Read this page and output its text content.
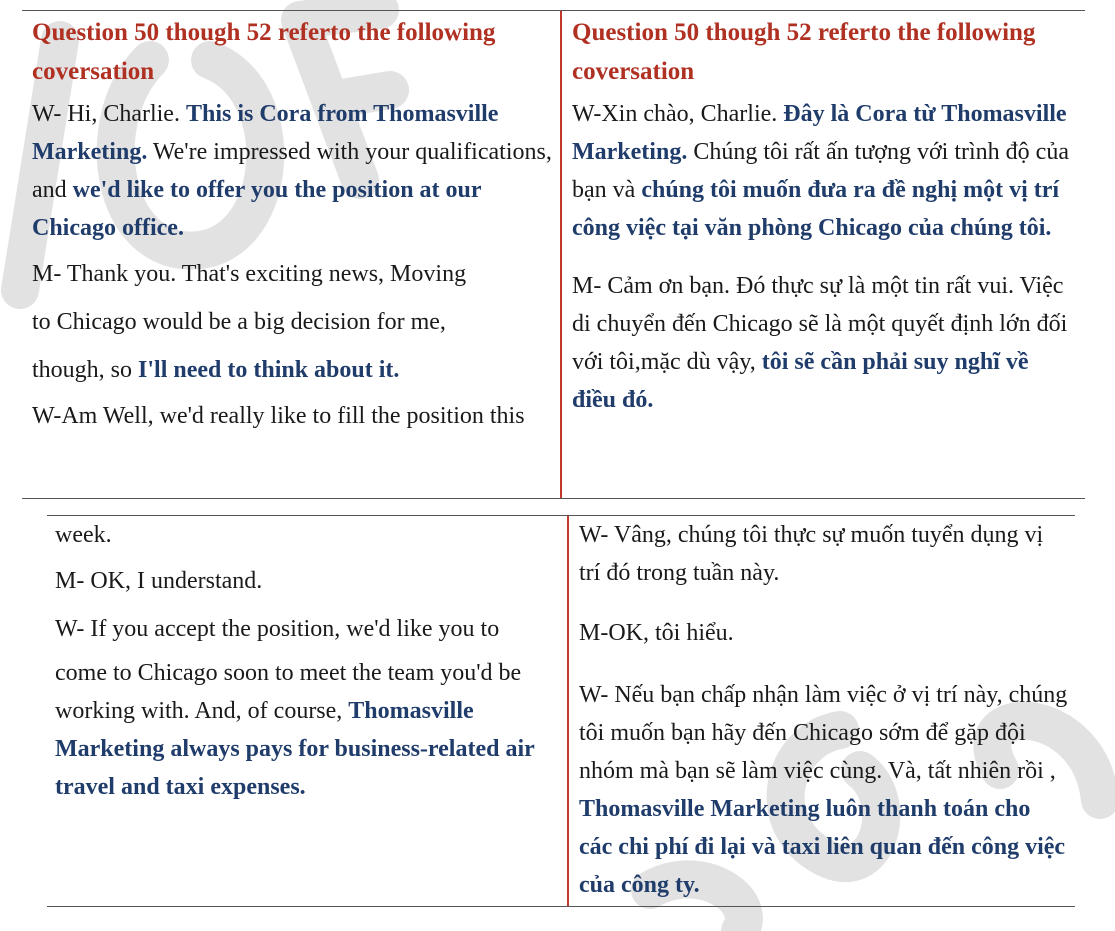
Question 50 though 52 referto the following coversation

W- Hi, Charlie. This is Cora from Thomasville Marketing. We're impressed with your qualifications, and we'd like to offer you the position at our Chicago office.

M- Thank you. That's exciting news, Moving

to Chicago would be a big decision for me,

though, so I'll need to think about it.

W-Am Well, we'd really like to fill the position this

Question 50 though 52 referto the following coversation

W-Xin chào, Charlie. Đây là Cora từ Thomasville Marketing. Chúng tôi rất ấn tượng với trình độ của bạn và chúng tôi muốn đưa ra đề nghị một vị trí công việc tại văn phòng Chicago của chúng tôi.

M- Cảm ơn bạn. Đó thực sự là một tin rất vui. Việc di chuyển đến Chicago sẽ là một quyết định lớn đối với tôi,mặc dù vậy, tôi sẽ cần phải suy nghĩ về điều đó.

week.

M- OK, I understand.

W- If you accept the position, we'd like you to

come to Chicago soon to meet the team you'd be working with. And, of course, Thomasville Marketing always pays for business-related air travel and taxi expenses.

W- Vâng, chúng tôi thực sự muốn tuyển dụng vị trí đó trong tuần này.

M-OK, tôi hiểu.

W- Nếu bạn chấp nhận làm việc ở vị trí này, chúng tôi muốn bạn hãy đến Chicago sớm để gặp đội nhóm mà bạn sẽ làm việc cùng. Và, tất nhiên rồi , Thomasville Marketing luôn thanh toán cho các chi phí đi lại và taxi liên quan đến công việc của công ty.
